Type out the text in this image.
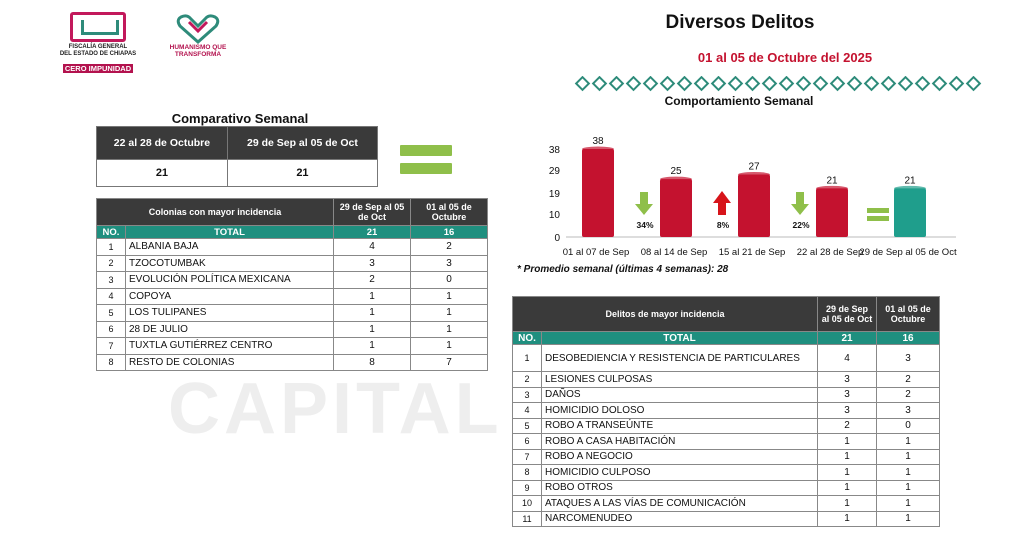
CAPITAL
FISCALÍA GENERAL
DEL ESTADO DE CHIAPAS
CERO IMPUNIDAD
HUMANISMO QUE
TRANSFORMA
Diversos Delitos
01 al 05 de Octubre del 2025
Comportamiento Semanal
Comparativo Semanal
22 al 28 de Octubre	29 de Sep al 05 de Oct
21	21
Colonias con mayor incidencia		29 de Sep al 05 de Oct	01 al 05 de Octubre
NO.	TOTAL	21	16
1	ALBANIA BAJA	4	2
2	TZOCOTUMBAK	3	3
3	EVOLUCIÓN POLÍTICA MEXICANA	2	0
4	COPOYA	1	1
5	LOS TULIPANES	1	1
6	28 DE JULIO	1	1
7	TUXTLA GUTIÉRREZ CENTRO	1	1
8	RESTO DE COLONIAS	8	7
0
10
19
29
38
38
01 al 07 de Sep
25
08 al 14 de Sep
27
15 al 21 de Sep
21
22 al 28 de Sep
21
29 de Sep al 05 de Oct
34%	8%	22%
* Promedio semanal (últimas 4 semanas): 28
Delitos de mayor incidencia		29 de Sep al 05 de Oct	01 al 05 de Octubre
NO.	TOTAL	21	16
1	DESOBEDIENCIA Y RESISTENCIA DE PARTICULARES	4	3
2	LESIONES CULPOSAS	3	2
3	DAÑOS	3	2
4	HOMICIDIO DOLOSO	3	3
5	ROBO A TRANSEÚNTE	2	0
6	ROBO A CASA HABITACIÓN	1	1
7	ROBO A NEGOCIO	1	1
8	HOMICIDIO CULPOSO	1	1
9	ROBO OTROS	1	1
10	ATAQUES A LAS VÍAS DE COMUNICACIÓN	1	1
11	NARCOMENUDEO	1	1
